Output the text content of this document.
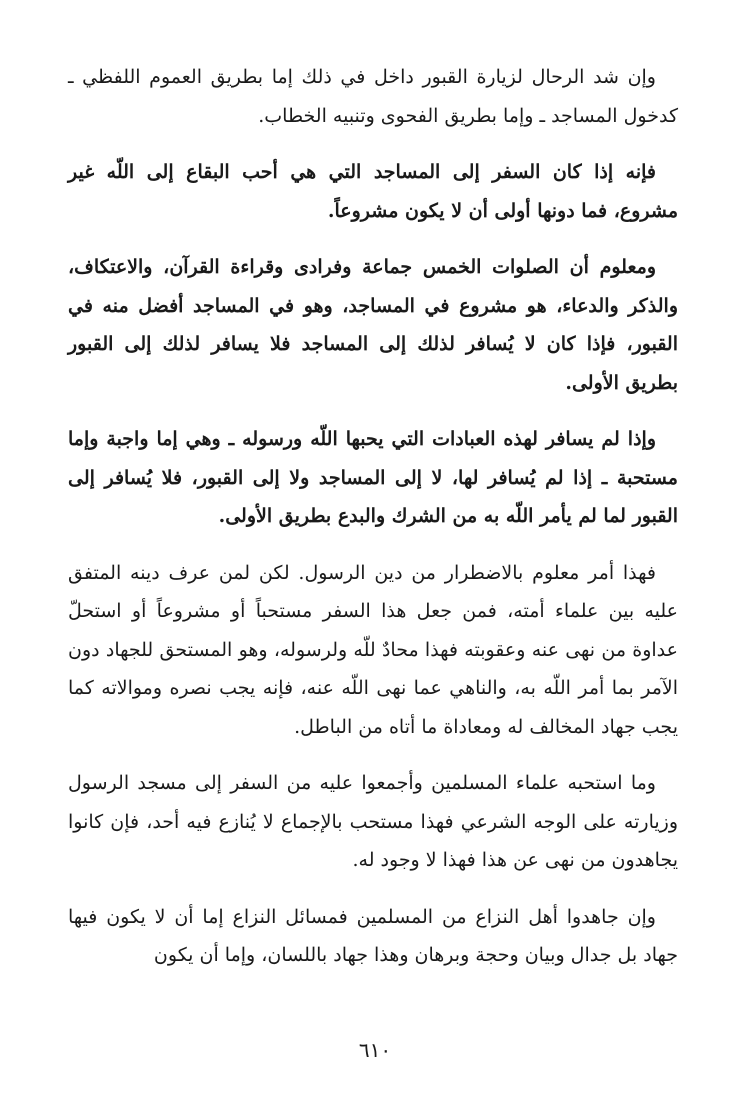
وإن شد الرحال لزيارة القبور داخل في ذلك إما بطريق العموم اللفظي ـ كدخول المساجد ـ وإما بطريق الفحوى وتنبيه الخطاب.

فإنه إذا كان السفر إلى المساجد التي هي أحب البقاع إلى اللّه غير مشروع، فما دونها أولى أن لا يكون مشروعاً.

ومعلوم أن الصلوات الخمس جماعة وفرادى وقراءة القرآن، والاعتكاف، والذكر والدعاء، هو مشروع في المساجد، وهو في المساجد أفضل منه في القبور، فإذا كان لا يُسافر لذلك إلى المساجد فلا يسافر لذلك إلى القبور بطريق الأولى.

وإذا لم يسافر لهذه العبادات التي يحبها اللّه ورسوله ـ وهي إما واجبة وإما مستحبة ـ إذا لم يُسافر لها، لا إلى المساجد ولا إلى القبور، فلا يُسافر إلى القبور لما لم يأمر اللّه به من الشرك والبدع بطريق الأولى.

فهذا أمر معلوم بالاضطرار من دين الرسول. لكن لمن عرف دينه المتفق عليه بين علماء أمته، فمن جعل هذا السفر مستحباً أو مشروعاً أو استحلّ عداوة من نهى عنه وعقوبته فهذا محادٌ للّه ولرسوله، وهو المستحق للجهاد دون الآمر بما أمر اللّه به، والناهي عما نهى اللّه عنه، فإنه يجب نصره وموالاته كما يجب جهاد المخالف له ومعاداة ما أتاه من الباطل.

وما استحبه علماء المسلمين وأجمعوا عليه من السفر إلى مسجد الرسول وزيارته على الوجه الشرعي فهذا مستحب بالإجماع لا يُنازع فيه أحد، فإن كانوا يجاهدون من نهى عن هذا فهذا لا وجود له.

وإن جاهدوا أهل النزاع من المسلمين فمسائل النزاع إما أن لا يكون فيها جهاد بل جدال وبيان وحجة وبرهان وهذا جهاد باللسان، وإما أن يكون

٦١٠
